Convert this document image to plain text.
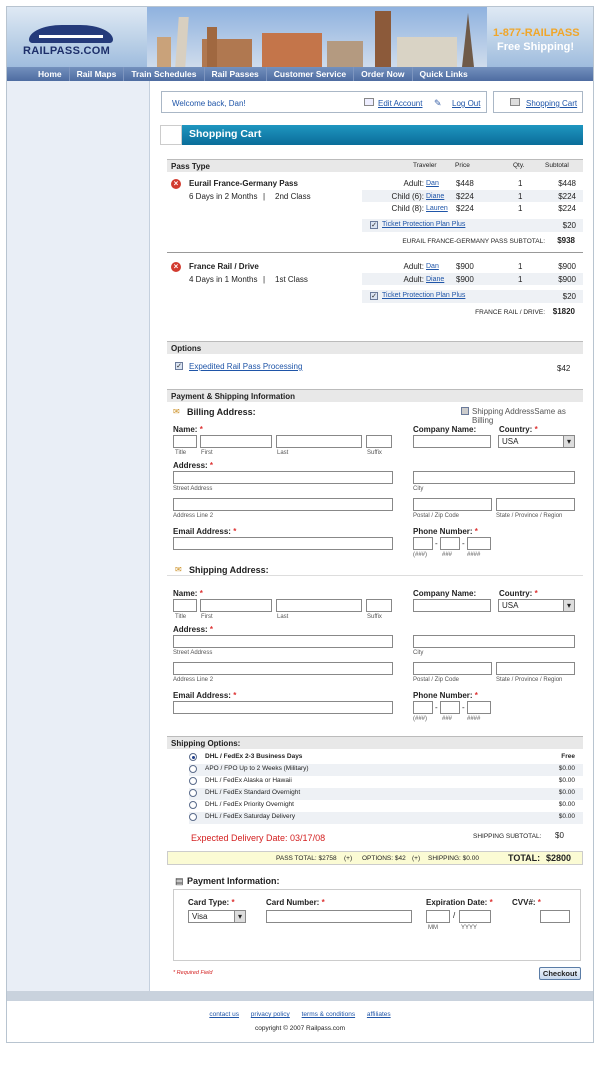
RAILPASS.COM
1-877-RAILPASS
Free Shipping!
Home	Rail Maps	Train Schedules	Rail Passes	Customer Service	Order Now	Quick Links
Welcome back, Dan!	Edit Account ✎ Log Out	Shopping Cart
Shopping Cart
Pass Type	Traveler	Price	Qty.	Subtotal
×	Eurail France-Germany Pass
6 Days in 2 Months | 2nd Class
Adult: Dan $448	1	$448
Child (6): Diane $224	1	$224
Child (8): Lauren $224	1	$224
✓ Ticket Protection Plan Plus	$20
EURAIL FRANCE-GERMANY PASS SUBTOTAL:	$938
×	France Rail / Drive
4 Days in 1 Months | 1st Class
Adult: Dan $900	1	$900
Adult: Diane $900	1	$900
✓ Ticket Protection Plan Plus	$20
FRANCE RAIL / DRIVE: $1820
Options
✓ Expedited Rail Pass Processing	$42
Payment & Shipping Information
Shipping AddressSame as Billing
✉ Billing Address:
Name: *
Title First	Last	Suffix
Company Name:	Country: *
USA ▾
Address: *
Street Address	City
Address Line 2	Postal / Zip Code	State / Province / Region
Email Address: *	Phone Number: *
-	-
(###) ### ####
✉ Shipping Address:
Name: *
Title First	Last	Suffix
Company Name:	Country: *
USA ▾
Address: *
Street Address	City
Address Line 2	Postal / Zip Code	State / Province / Region
Email Address: *	Phone Number: *
-	-
(###) ### ####
Shipping Options:
DHL / FedEx 2-3 Business Days	Free
APO / FPO Up to 2 Weeks (Military)	$0.00
DHL / FedEx Alaska or Hawaii	$0.00
DHL / FedEx Standard Overnight	$0.00
DHL / FedEx Priority Overnight	$0.00
DHL / FedEx Saturday Delivery	$0.00
Expected Delivery Date: 03/17/08	SHIPPING SUBTOTAL: $0
PASS TOTAL: $2758 (+) OPTIONS: $42 (+) SHIPPING: $0.00	TOTAL: $2800
▤ Payment Information:
Card Type: *
Visa ▾
Card Number: *	Expiration Date: *
/
MM	YYYY
CVV#: *
* Required Field	Checkout
contact us privacy policy terms & conditions affiliates
copyright © 2007 Railpass.com
